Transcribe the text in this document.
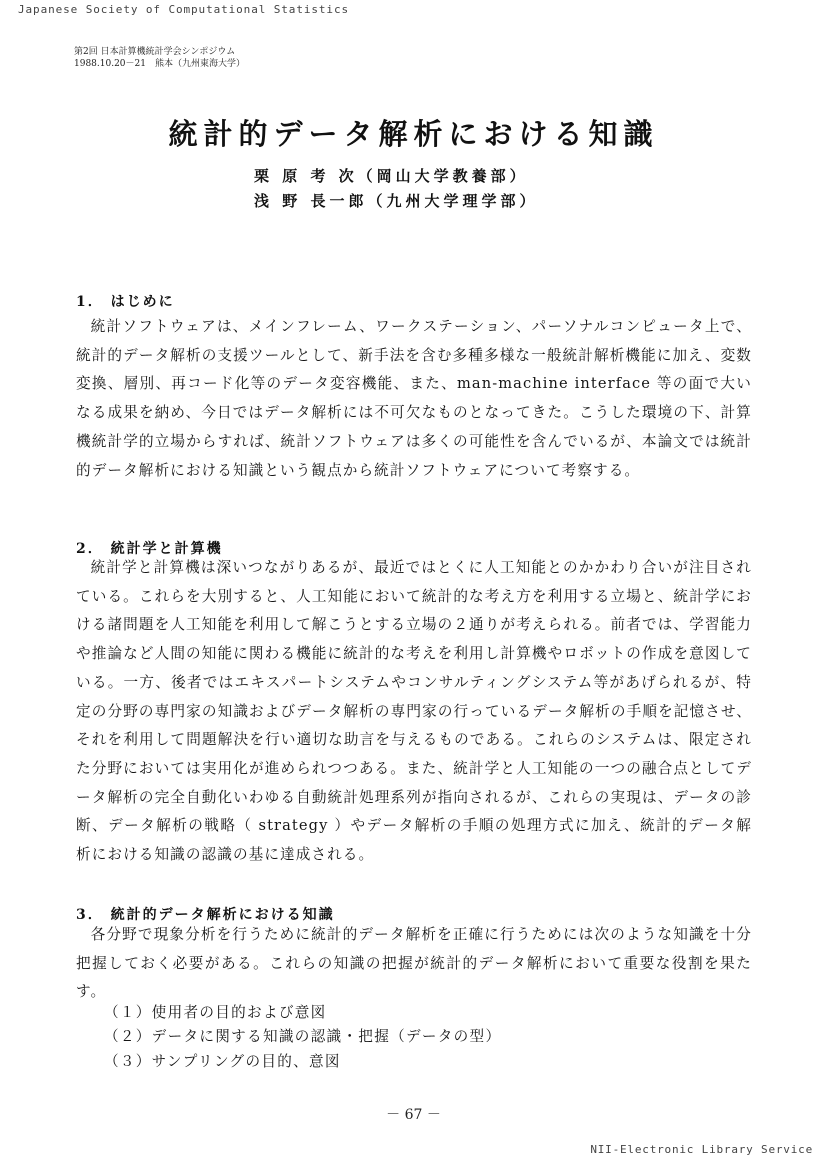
Japanese Society of Computational Statistics
第2回 日本計算機統計学会シンポジウム
1988.10.20－21　熊本（九州東海大学）
統計的データ解析における知識
栗 原 考 次（岡山大学教養部）
浅 野 長一郎（九州大学理学部）
1． はじめに
統計ソフトウェアは、メインフレーム、ワークステーション、パーソナルコンピュータ上で、統計的データ解析の支援ツールとして、新手法を含む多種多様な一般統計解析機能に加え、変数変換、層別、再コード化等のデータ変容機能、また、man-machine interface 等の面で大いなる成果を納め、今日ではデータ解析には不可欠なものとなってきた。こうした環境の下、計算機統計学的立場からすれば、統計ソフトウェアは多くの可能性を含んでいるが、本論文では統計的データ解析における知識という観点から統計ソフトウェアについて考察する。
2． 統計学と計算機
統計学と計算機は深いつながりあるが、最近ではとくに人工知能とのかかわり合いが注目されている。これらを大別すると、人工知能において統計的な考え方を利用する立場と、統計学における諸問題を人工知能を利用して解こうとする立場の２通りが考えられる。前者では、学習能力や推論など人間の知能に関わる機能に統計的な考えを利用し計算機やロボットの作成を意図している。一方、後者ではエキスパートシステムやコンサルティングシステム等があげられるが、特定の分野の専門家の知識およびデータ解析の専門家の行っているデータ解析の手順を記憶させ、それを利用して問題解決を行い適切な助言を与えるものである。これらのシステムは、限定された分野においては実用化が進められつつある。また、統計学と人工知能の一つの融合点としてデータ解析の完全自動化いわゆる自動統計処理系列が指向されるが、これらの実現は、データの診断、データ解析の戦略（ strategy ）やデータ解析の手順の処理方式に加え、統計的データ解析における知識の認識の基に達成される。
3． 統計的データ解析における知識
各分野で現象分析を行うために統計的データ解析を正確に行うためには次のような知識を十分把握しておく必要がある。これらの知識の把握が統計的データ解析において重要な役割を果たす。
（１）使用者の目的および意図
（２）データに関する知識の認識・把握（データの型）
（３）サンプリングの目的、意図
－ 67 －
NII-Electronic Library Service
